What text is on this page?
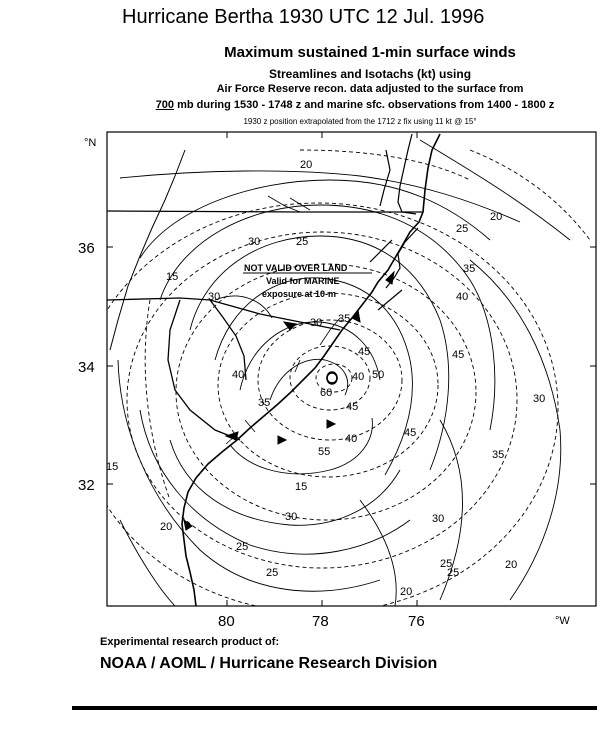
Hurricane Bertha 1930 UTC 12 Jul. 1996
Maximum sustained 1-min surface winds
Streamlines and Isotachs (kt) using
Air Force Reserve recon. data adjusted to the surface from
700 mb during 1530 - 1748 z and marine sfc. observations from 1400 - 1800 z
1930 z position extrapolated from the 1712 z fix using 11 kt @ 15°
20
20
25
30
35
40
45
30
35
40
25
30
35
15
25
15
20
25
30
55
45
40
30 35
50
60
45
40	45
20
25
30
20
15
25
°N
36
34
32
80	78	76	°W
NOT VALID OVER LAND
Valid for MARINE
exposure at 10-m
Experimental research product of:
NOAA / AOML / Hurricane Research Division
